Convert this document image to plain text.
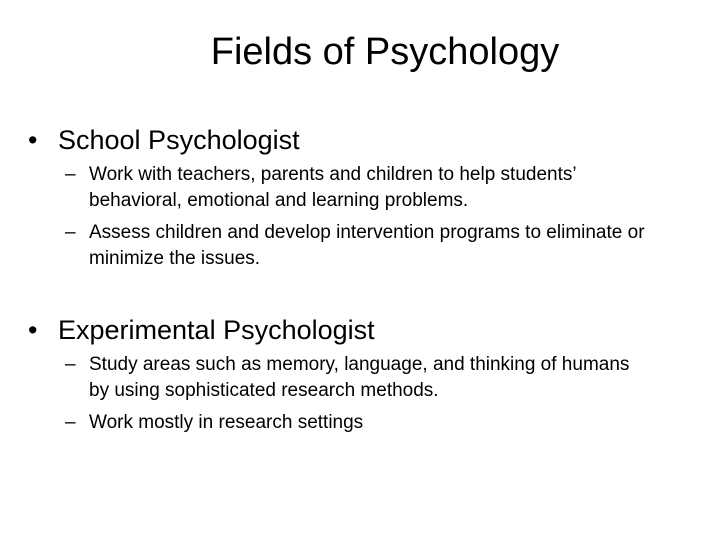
Fields of Psychology
• School Psychologist
– Work with teachers, parents and children to help students’ behavioral, emotional and learning problems.
– Assess children and develop intervention programs to eliminate or minimize the issues.
• Experimental Psychologist
– Study areas such as memory, language, and thinking of humans by using sophisticated research methods.
– Work mostly in research settings
